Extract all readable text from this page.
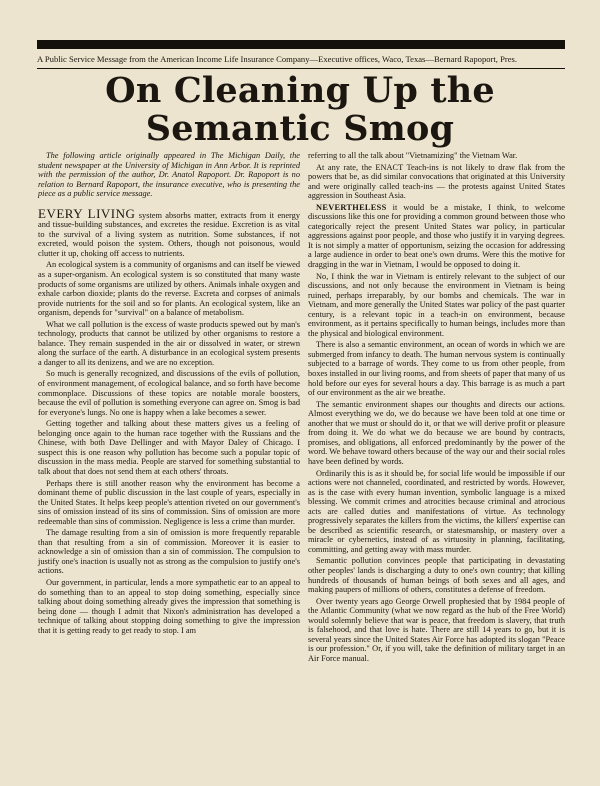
A Public Service Message from the American Income Life Insurance Company—Executive offices, Waco, Texas—Bernard Rapoport, Pres.
On Cleaning Up the Semantic Smog

The following article originally appeared in The Michigan Daily, the student newspaper at the University of Michigan in Ann Arbor. It is reprinted with the permission of the author, Dr. Anatol Rapoport. Dr. Rapoport is no relation to Bernard Rapoport, the insurance executive, who is presenting the piece as a public service message.

EVERY LIVING system absorbs matter, extracts from it energy and tissue-building substances, and excretes the residue. Excretion is as vital to the survival of a living system as nutrition. Some substances, if not excreted, would poison the system. Others, though not poisonous, would clutter it up, choking off access to nutrients.

An ecological system is a community of organisms and can itself be viewed as a super-organism. An ecological system is so constituted that many waste products of some organisms are utilized by others. Animals inhale oxygen and exhale carbon dioxide; plants do the reverse. Excreta and corpses of animals provide nutrients for the soil and so for plants. An ecological system, like an organism, depends for "survival" on a balance of metabolism.

What we call pollution is the excess of waste products spewed out by man's technology, products that cannot be utilized by other organisms to restore a balance. They remain suspended in the air or dissolved in water, or strewn along the surface of the earth. A disturbance in an ecological system presents a danger to all its denizens, and we are no exception.

So much is generally recognized, and discussions of the evils of pollution, of environment management, of ecological balance, and so forth have become commonplace. Discussions of these topics are notable morale boosters, because the evil of pollution is something everyone can agree on. Smog is bad for everyone's lungs. No one is happy when a lake becomes a sewer.

Getting together and talking about these matters gives us a feeling of belonging once again to the human race together with the Russians and the Chinese, with both Dave Dellinger and with Mayor Daley of Chicago. I suspect this is one reason why pollution has become such a popular topic of discussion in the mass media. People are starved for something substantial to talk about that does not send them at each others' throats.

Perhaps there is still another reason why the environment has become a dominant theme of public discussion in the last couple of years, especially in the United States. It helps keep people's attention riveted on our government's sins of omission instead of its sins of commission. Sins of omission are more redeemable than sins of commission. Negligence is less a crime than murder.

The damage resulting from a sin of omission is more frequently reparable than that resulting from a sin of commission. Moreover it is easier to acknowledge a sin of omission than a sin of commission. The compulsion to justify one's inaction is usually not as strong as the compulsion to justify one's actions.

Our government, in particular, lends a more sympathetic ear to an appeal to do something than to an appeal to stop doing something, especially since talking about doing something already gives the impression that something is being done — though I admit that Nixon's administration has developed a technique of talking about stopping doing something to give the impression that it is getting ready to get ready to stop. I am

referring to all the talk about "Vietnamizing" the Vietnam War.

At any rate, the ENACT Teach-ins is not likely to draw flak from the powers that be, as did similar convocations that originated at this University and were originally called teach-ins — the protests against United States aggression in Southeast Asia.

NEVERTHELESS it would be a mistake, I think, to welcome discussions like this one for providing a common ground between those who categorically reject the present United States war policy, in particular aggressions against poor people, and those who justify it in varying degrees. It is not simply a matter of opportunism, seizing the occasion for addressing a large audience in order to beat one's own drums. Were this the motive for dragging in the war in Vietnam, I would be opposed to doing it.

No, I think the war in Vietnam is entirely relevant to the subject of our discussions, and not only because the environment in Vietnam is being ruined, perhaps irreparably, by our bombs and chemicals. The war in Vietnam, and more generally the United States war policy of the past quarter century, is a relevant topic in a teach-in on environment, because environment, as it pertains specifically to human beings, includes more than the physical and biological environment.

There is also a semantic environment, an ocean of words in which we are submerged from infancy to death. The human nervous system is continually subjected to a barrage of words. They come to us from other people, from boxes installed in our living rooms, and from sheets of paper that many of us hold before our eyes for several hours a day. This barrage is as much a part of our environment as the air we breathe.

The semantic environment shapes our thoughts and directs our actions. Almost everything we do, we do because we have been told at one time or another that we must or should do it, or that we will derive profit or pleasure from doing it. We do what we do because we are bound by contracts, promises, and obligations, all enforced predominantly by the power of the word. We behave toward others because of the way our and their social roles have been defined by words.

Ordinarily this is as it should be, for social life would be impossible if our actions were not channeled, coordinated, and restricted by words. However, as is the case with every human invention, symbolic language is a mixed blessing. We commit crimes and atrocities because criminal and atrocious acts are called duties and manifestations of virtue. As technology progressively separates the killers from the victims, the killers' expertise can be described as scientific research, or statesmanship, or mastery over a miracle or cybernetics, instead of as virtuosity in planning, facilitating, committing, and getting away with mass murder.

Semantic pollution convinces people that participating in devastating other peoples' lands is discharging a duty to one's own country; that killing hundreds of thousands of human beings of both sexes and all ages, and making paupers of millions of others, constitutes a defense of freedom.

Over twenty years ago George Orwell prophesied that by 1984 people of the Atlantic Community (what we now regard as the hub of the Free World) would solemnly believe that war is peace, that freedom is slavery, that truth is falsehood, and that love is hate. There are still 14 years to go, but it is several years since the United States Air Force has adopted its slogan "Peace is our profession." Or, if you will, take the definition of military target in an Air Force manual.
